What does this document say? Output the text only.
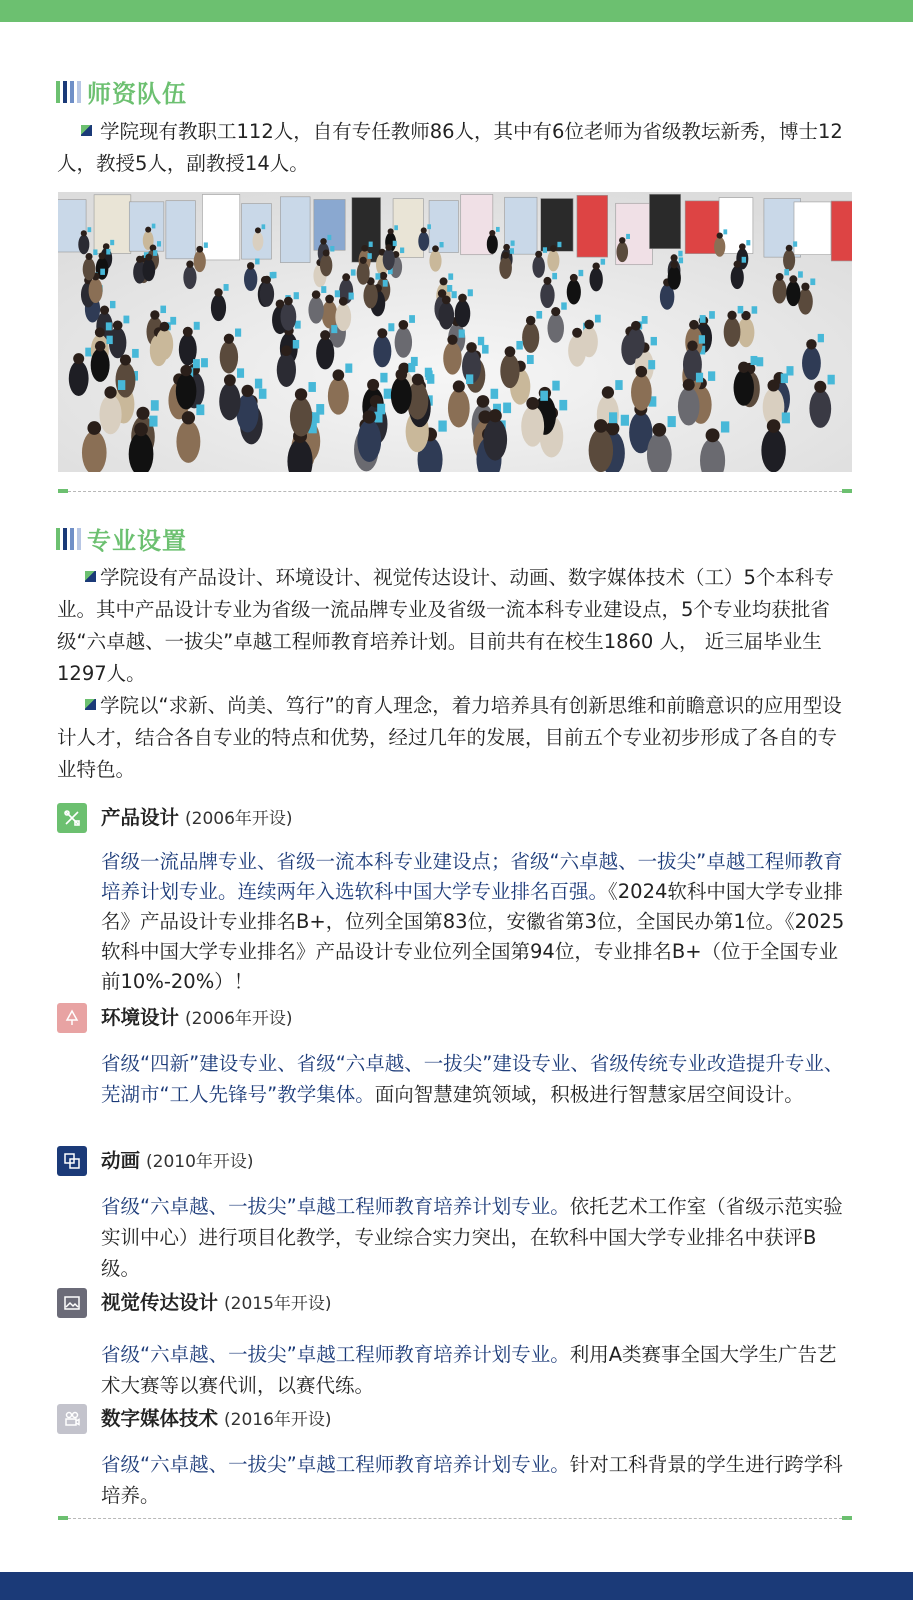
师资队伍

学院现有教职工112人，自有专任教师86人，其中有6位老师为省级教坛新秀，博士12人，教授5人，副教授14人。

专业设置

学院设有产品设计、环境设计、视觉传达设计、动画、数字媒体技术（工）5个本科专业。其中产品设计专业为省级一流品牌专业及省级一流本科专业建设点，5个专业均获批省级“六卓越、一拔尖”卓越工程师教育培养计划。目前共有在校生1860 人， 近三届毕业生1297人。

学院以“求新、尚美、笃行”的育人理念，着力培养具有创新思维和前瞻意识的应用型设计人才，结合各自专业的特点和优势，经过几年的发展，目前五个专业初步形成了各自的专业特色。

产品设计 (2006年开设)

省级一流品牌专业、省级一流本科专业建设点；省级“六卓越、一拔尖”卓越工程师教育培养计划专业。连续两年入选软科中国大学专业排名百强。《2024软科中国大学专业排名》产品设计专业排名B+，位列全国第83位，安徽省第3位，全国民办第1位。《2025软科中国大学专业排名》产品设计专业位列全国第94位，专业排名B+（位于全国专业前10%-20%）！

环境设计 (2006年开设)

省级“四新”建设专业、省级“六卓越、一拔尖”建设专业、省级传统专业改造提升专业、芜湖市“工人先锋号”教学集体。面向智慧建筑领域，积极进行智慧家居空间设计。

动画 (2010年开设)

省级“六卓越、一拔尖”卓越工程师教育培养计划专业。依托艺术工作室（省级示范实验实训中心）进行项目化教学，专业综合实力突出，在软科中国大学专业排名中获评B级。

视觉传达设计 (2015年开设)

省级“六卓越、一拔尖”卓越工程师教育培养计划专业。利用A类赛事全国大学生广告艺术大赛等以赛代训，以赛代练。

数字媒体技术 (2016年开设)

省级“六卓越、一拔尖”卓越工程师教育培养计划专业。针对工科背景的学生进行跨学科培养。
